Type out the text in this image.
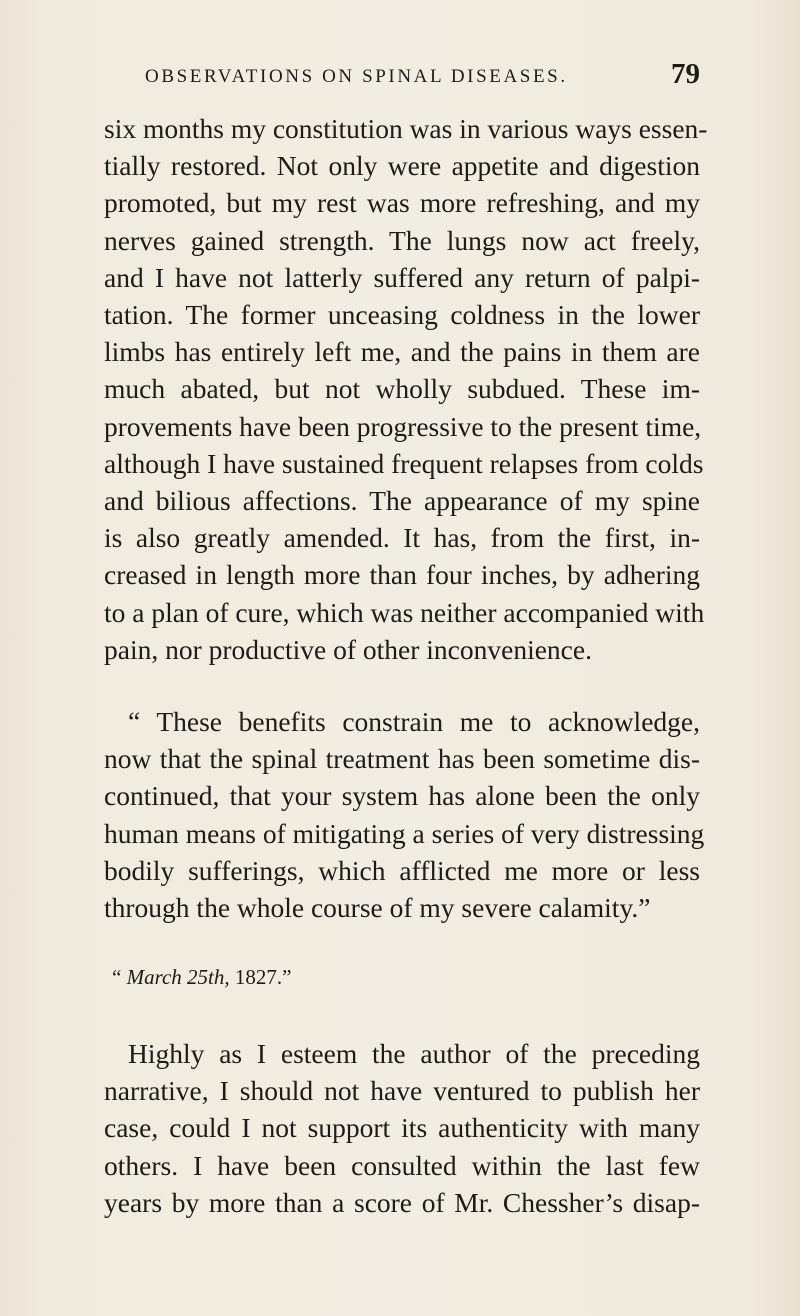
OBSERVATIONS ON SPINAL DISEASES.	79
six months my constitution was in various ways essen-
tially restored. Not only were appetite and digestion
promoted, but my rest was more refreshing, and my
nerves gained strength. The lungs now act freely,
and I have not latterly suffered any return of palpi-
tation. The former unceasing coldness in the lower
limbs has entirely left me, and the pains in them are
much abated, but not wholly subdued. These im-
provements have been progressive to the present time,
although I have sustained frequent relapses from colds
and bilious affections. The appearance of my spine
is also greatly amended. It has, from the first, in-
creased in length more than four inches, by adhering
to a plan of cure, which was neither accompanied with
pain, nor productive of other inconvenience.
“ These benefits constrain me to acknowledge,
now that the spinal treatment has been sometime dis-
continued, that your system has alone been the only
human means of mitigating a series of very distressing
bodily sufferings, which afflicted me more or less
through the whole course of my severe calamity.”
“ March 25th, 1827.”
Highly as I esteem the author of the preceding
narrative, I should not have ventured to publish her
case, could I not support its authenticity with many
others. I have been consulted within the last few
years by more than a score of Mr. Chessher’s disap-
